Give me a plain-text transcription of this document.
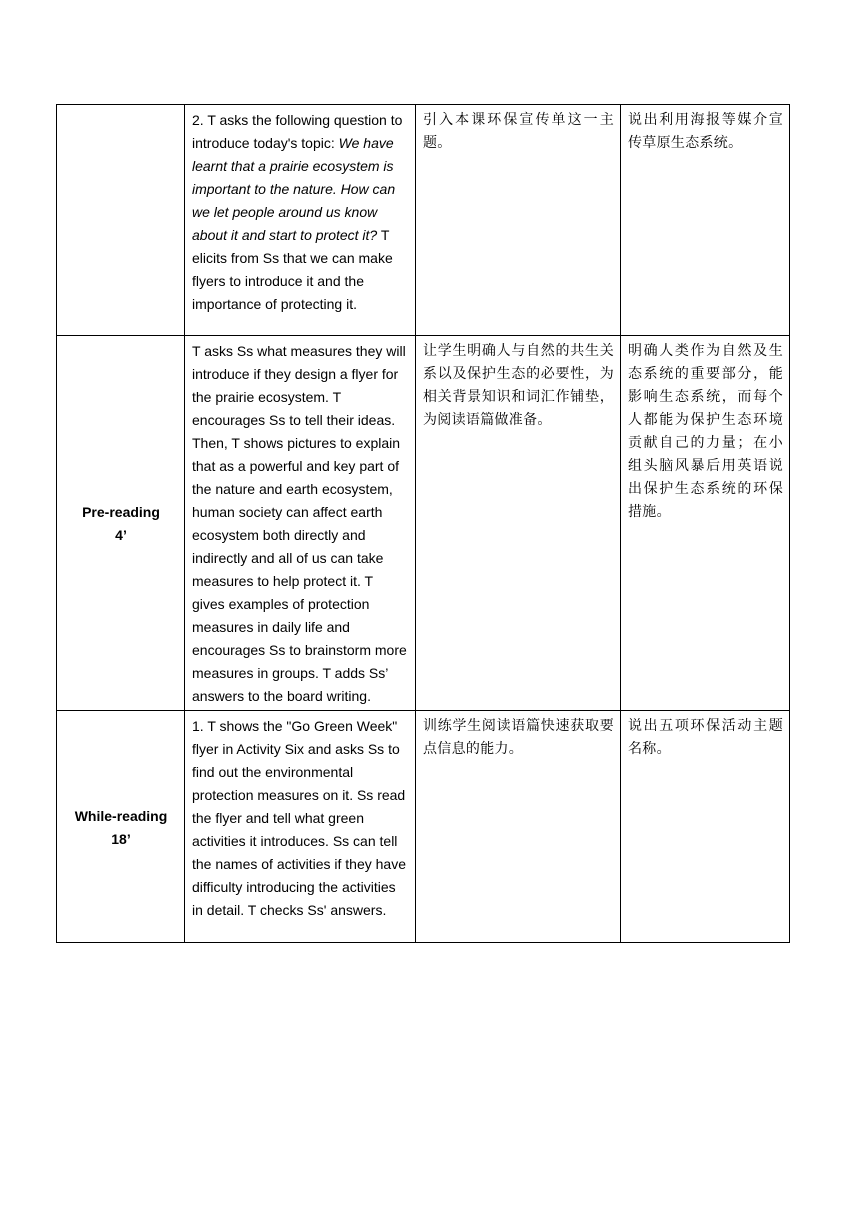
	2. T asks the following question to introduce today's topic: We have learnt that a prairie ecosystem is important to the nature. How can we let people around us know about it and start to protect it? T elicits from Ss that we can make flyers to introduce it and the importance of protecting it.	引入本课环保宣传单这一主题。	说出利用海报等媒介宣传草原生态系统。

Pre-reading
4’	T asks Ss what measures they will introduce if they design a flyer for the prairie ecosystem. T encourages Ss to tell their ideas. Then, T shows pictures to explain that as a powerful and key part of the nature and earth ecosystem, human society can affect earth ecosystem both directly and indirectly and all of us can take measures to help protect it. T gives examples of protection measures in daily life and encourages Ss to brainstorm more measures in groups. T adds Ss’ answers to the board writing.	让学生明确人与自然的共生关系以及保护生态的必要性，为相关背景知识和词汇作铺垫，为阅读语篇做准备。	明确人类作为自然及生态系统的重要部分，能影响生态系统，而每个人都能为保护生态环境贡献自己的力量；在小组头脑风暴后用英语说出保护生态系统的环保措施。

While-reading
18’	1. T shows the "Go Green Week" flyer in Activity Six and asks Ss to find out the environmental protection measures on it. Ss read the flyer and tell what green activities it introduces. Ss can tell the names of activities if they have difficulty introducing the activities in detail. T checks Ss' answers.	训练学生阅读语篇快速获取要点信息的能力。	说出五项环保活动主题名称。
